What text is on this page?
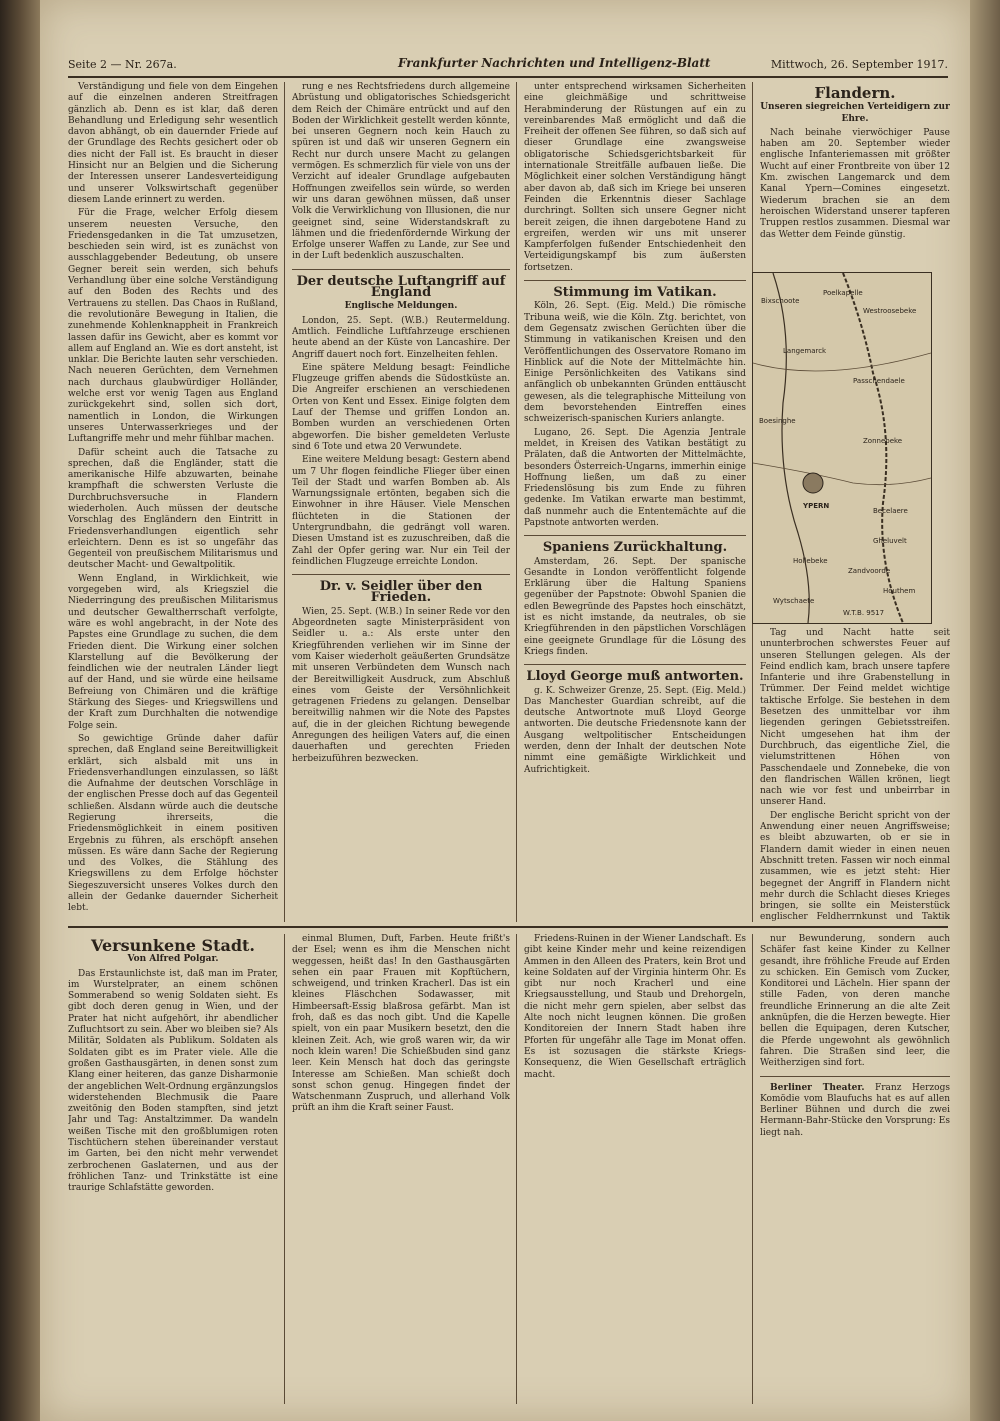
Seite 2 — Nr. 267a.	Frankfurter Nachrichten und Intelligenz-Blatt	Mittwoch, 26. September 1917.

Verständigung und fiele von dem Eingehen auf die einzelnen anderen Streitfragen gänzlich ab. Denn es ist klar, daß deren Behandlung und Erledigung sehr wesentlich davon abhängt, ob ein dauernder Friede auf der Grundlage des Rechts gesichert oder ob dies nicht der Fall ist. Es braucht in dieser Hinsicht nur an Belgien und die Sicherung der Interessen unserer Landesverteidigung und unserer Volkswirtschaft gegenüber diesem Lande erinnert zu werden.

Für die Frage, welcher Erfolg diesem unserem neuesten Versuche, den Friedensgedanken in die Tat umzusetzen, beschieden sein wird, ist es zunächst von ausschlaggebender Bedeutung, ob unsere Gegner bereit sein werden, sich behufs Verhandlung über eine solche Verständigung auf den Boden des Rechts und des Vertrauens zu stellen. Das Chaos in Rußland, die revolutionäre Bewegung in Italien, die zunehmende Kohlenknappheit in Frankreich lassen dafür ins Gewicht, aber es kommt vor allem auf England an. Wie es dort ansteht, ist unklar. Die Berichte lauten sehr verschieden. Nach neueren Gerüchten, dem Vernehmen nach durchaus glaubwürdiger Holländer, welche erst vor wenig Tagen aus England zurückgekehrt sind, sollen sich dort, namentlich in London, die Wirkungen unseres Unterwasserkrieges und der Luftangriffe mehr und mehr fühlbar machen.

Dafür scheint auch die Tatsache zu sprechen, daß die Engländer, statt die amerikanische Hilfe abzuwarten, beinahe krampfhaft die schwersten Verluste die Durchbruchsversuche in Flandern wiederholen. Auch müssen der deutsche Vorschlag des Engländern den Eintritt in Friedensverhandlungen eigentlich sehr erleichtern. Denn es ist so ungefähr das Gegenteil von preußischem Militarismus und deutscher Macht- und Gewaltpolitik.

Wenn England, in Wirklichkeit, wie vorgegeben wird, als Kriegsziel die Niederringung des preußischen Militarismus und deutscher Gewaltherrschaft verfolgte, wäre es wohl angebracht, in der Note des Papstes eine Grundlage zu suchen, die dem Frieden dient. Die Wirkung einer solchen Klarstellung auf die Bevölkerung der feindlichen wie der neutralen Länder liegt auf der Hand, und sie würde eine heilsame Befreiung von Chimären und die kräftige Stärkung des Sieges- und Kriegswillens und der Kraft zum Durchhalten die notwendige Folge sein.

So gewichtige Gründe daher dafür sprechen, daß England seine Bereitwilligkeit erklärt, sich alsbald mit uns in Friedensverhandlungen einzulassen, so läßt die Aufnahme der deutschen Vorschläge in der englischen Presse doch auf das Gegenteil schließen. Alsdann würde auch die deutsche Regierung ihrerseits, die Friedensmöglichkeit in einem positiven Ergebnis zu führen, als erschöpft ansehen müssen. Es wäre dann Sache der Regierung und des Volkes, die Stählung des Kriegswillens zu dem Erfolge höchster Siegeszuversicht unseres Volkes durch den allein der Gedanke dauernder Sicherheit lebt.

rung e nes Rechtsfriedens durch allgemeine Abrüstung und obligatorisches Schiedsgericht dem Reich der Chimäre entrückt und auf den Boden der Wirklichkeit gestellt werden könnte, bei unseren Gegnern noch kein Hauch zu spüren ist und daß wir unseren Gegnern ein Recht nur durch unsere Macht zu gelangen vermögen. Es schmerzlich für viele von uns der Verzicht auf idealer Grundlage aufgebauten Hoffnungen zweifellos sein würde, so werden wir uns daran gewöhnen müssen, daß unser Volk die Verwirklichung von Illusionen, die nur geeignet sind, seine Widerstandskraft zu lähmen und die friedenfördernde Wirkung der Erfolge unserer Waffen zu Lande, zur See und in der Luft bedenklich auszuschalten.

Der deutsche Luftangriff auf England
Englische Meldungen.

London, 25. Sept. (W.B.) Reutermeldung. Amtlich. Feindliche Luftfahrzeuge erschienen heute abend an der Küste von Lancashire. Der Angriff dauert noch fort. Einzelheiten fehlen.

Eine spätere Meldung besagt: Feindliche Flugzeuge griffen abends die Südostküste an. Die Angreifer erschienen an verschiedenen Orten von Kent und Essex. Einige folgten dem Lauf der Themse und griffen London an. Bomben wurden an verschiedenen Orten abgeworfen. Die bisher gemeldeten Verluste sind 6 Tote und etwa 20 Verwundete.

Eine weitere Meldung besagt: Gestern abend um 7 Uhr flogen feindliche Flieger über einen Teil der Stadt und warfen Bomben ab. Als Warnungssignale ertönten, begaben sich die Einwohner in ihre Häuser. Viele Menschen flüchteten in die Stationen der Untergrundbahn, die gedrängt voll waren. Diesen Umstand ist es zuzuschreiben, daß die Zahl der Opfer gering war. Nur ein Teil der feindlichen Flugzeuge erreichte London.

Dr. v. Seidler über den Frieden.

Wien, 25. Sept. (W.B.) In seiner Rede vor den Abgeordneten sagte Ministerpräsident von Seidler u. a.: Als erste unter den Kriegführenden verliehen wir im Sinne der vom Kaiser wiederholt geäußerten Grundsätze mit unseren Verbündeten dem Wunsch nach der Bereitwilligkeit Ausdruck, zum Abschluß eines vom Geiste der Versöhnlichkeit getragenen Friedens zu gelangen. Denselbar bereitwillig nahmen wir die Note des Papstes auf, die in der gleichen Richtung bewegende Anregungen des heiligen Vaters auf, die einen dauerhaften und gerechten Frieden herbeizuführen bezwecken.

unter entsprechend wirksamen Sicherheiten eine gleichmäßige und schrittweise Herabminderung der Rüstungen auf ein zu vereinbarendes Maß ermöglicht und daß die Freiheit der offenen See führen, so daß sich auf dieser Grundlage eine zwangsweise obligatorische Schiedsgerichtsbarkeit für internationale Streitfälle aufbauen ließe. Die Möglichkeit einer solchen Verständigung hängt aber davon ab, daß sich im Kriege bei unseren Feinden die Erkenntnis dieser Sachlage durchringt. Sollten sich unsere Gegner nicht bereit zeigen, die ihnen dargebotene Hand zu ergreifen, werden wir uns mit unserer Kampferfolgen fußender Entschiedenheit den Verteidigungskampf bis zum äußersten fortsetzen.

Stimmung im Vatikan.

Köln, 26. Sept. (Eig. Meld.) Die römische Tribuna weiß, wie die Köln. Ztg. berichtet, von dem Gegensatz zwischen Gerüchten über die Stimmung in vatikanischen Kreisen und den Veröffentlichungen des Osservatore Romano im Hinblick auf die Note der Mittelmächte hin. Einige Persönlichkeiten des Vatikans sind anfänglich ob unbekannten Gründen enttäuscht gewesen, als die telegraphische Mitteilung von dem bevorstehenden Eintreffen eines schweizerisch-spanischen Kuriers anlangte.

Lugano, 26. Sept. Die Agenzia Jentrale meldet, in Kreisen des Vatikan bestätigt zu Prälaten, daß die Antworten der Mittelmächte, besonders Österreich-Ungarns, immerhin einige Hoffnung ließen, um daß zu einer Friedenslösung bis zum Ende zu führen gedenke. Im Vatikan erwarte man bestimmt, daß nunmehr auch die Ententemächte auf die Papstnote antworten werden.

Spaniens Zurückhaltung.

Amsterdam, 26. Sept. Der spanische Gesandte in London veröffentlicht folgende Erklärung über die Haltung Spaniens gegenüber der Papstnote: Obwohl Spanien die edlen Bewegründe des Papstes hoch einschätzt, ist es nicht imstande, da neutrales, ob sie Kriegführenden in den päpstlichen Vorschlägen eine geeignete Grundlage für die Lösung des Kriegs finden.

Lloyd George muß antworten.

g. K. Schweizer Grenze, 25. Sept. (Eig. Meld.) Das Manchester Guardian schreibt, auf die deutsche Antwortnote muß Lloyd George antworten. Die deutsche Friedensnote kann der Ausgang weltpolitischer Entscheidungen werden, denn der Inhalt der deutschen Note nimmt eine gemäßigte Wirklichkeit und Aufrichtigkeit.

Flandern.
Unseren siegreichen Verteidigern zur Ehre.

Nach beinahe vierwöchiger Pause haben am 20. September wieder englische Infanteriemassen mit größter Wucht auf einer Frontbreite von über 12 Km. zwischen Langemarck und dem Kanal Ypern—Comines eingesetzt. Wiederum brachen sie an dem heroischen Widerstand unserer tapferen Truppen restlos zusammen. Diesmal war das Wetter dem Feinde günstig.

Tag und Nacht hatte seit ununterbrochen schwerstes Feuer auf unseren Stellungen gelegen. Als der Feind endlich kam, brach unsere tapfere Infanterie und ihre Grabenstellung in Trümmer. Der Feind meldet wichtige taktische Erfolge. Sie bestehen in dem Besetzen des unmittelbar vor ihm liegenden geringen Gebietsstreifen. Nicht umgesehen hat ihm der Durchbruch, das eigentliche Ziel, die vielumstrittenen Höhen von Passchendaele und Zonnebeke, die von den flandrischen Wällen krönen, liegt nach wie vor fest und unbeirrbar in unserer Hand.

Der englische Bericht spricht von der Anwendung einer neuen Angriffsweise; es bleibt abzuwarten, ob er sie in Flandern damit wieder in einen neuen Abschnitt treten. Fassen wir noch einmal zusammen, wie es jetzt steht: Hier begegnet der Angriff in Flandern nicht mehr durch die Schlacht dieses Krieges bringen, sie sollte ein Meisterstück englischer Feldherrnkunst und Taktik

Versunkene Stadt.
Von Alfred Polgar.

Das Erstaunlichste ist, daß man im Prater, im Wurstelprater, an einem schönen Sommerabend so wenig Soldaten sieht. Es gibt doch deren genug in Wien, und der Prater hat nicht aufgehört, ihr abendlicher Zufluchtsort zu sein. Aber wo bleiben sie? Als Militär, Soldaten als Publikum. Soldaten als Soldaten gibt es im Prater viele. Alle die großen Gasthausgärten, in denen sonst zum Klang einer heiteren, das ganze Disharmonie der angeblichen Welt-Ordnung ergänzungslos widerstehenden Blechmusik die Paare zweitönig den Boden stampften, sind jetzt Jahr und Tag: Anstaltzimmer. Da wandeln weißen Tische mit den großblumigen roten Tischtüchern stehen übereinander verstaut im Garten, bei den nicht mehr verwendet zerbrochenen Gaslaternen, und aus der fröhlichen Tanz- und Trinkstätte ist eine traurige Schlafstätte geworden.

einmal Blumen, Duft, Farben. Heute frißt's der Esel; wenn es ihm die Menschen nicht weggessen, heißt das! In den Gasthausgärten sehen ein paar Frauen mit Kopftüchern, schweigend, und trinken Kracherl. Das ist ein kleines Fläschchen Sodawasser, mit Himbeersaft-Essig blaßrosa gefärbt. Man ist froh, daß es das noch gibt. Und die Kapelle spielt, von ein paar Musikern besetzt, den die kleinen Zeit. Ach, wie groß waren wir, da wir noch klein waren! Die Schießbuden sind ganz leer. Kein Mensch hat doch das geringste Interesse am Schießen. Man schießt doch sonst schon genug. Hingegen findet der Watschenmann Zuspruch, und allerhand Volk prüft an ihm die Kraft seiner Faust.

Friedens-Ruinen in der Wiener Landschaft. Es gibt keine Kinder mehr und keine reizendigen Ammen in den Alleen des Praters, kein Brot und keine Soldaten auf der Virginia hinterm Ohr. Es gibt nur noch Kracherl und eine Kriegsausstellung, und Staub und Drehorgeln, die nicht mehr gern spielen, aber selbst das Alte noch nicht leugnen können. Die großen Konditoreien der Innern Stadt haben ihre Pforten für ungefähr alle Tage im Monat offen. Es ist sozusagen die stärkste Kriegs-Konsequenz, die Wien Gesellschaft erträglich macht.

nur Bewunderung, sondern auch Schäfer fast keine Kinder zu Kellner gesandt, ihre fröhliche Freude auf Erden zu schicken. Ein Gemisch vom Zucker, Konditorei und Lächeln. Hier spann der stille Faden, von deren manche freundliche Erinnerung an die alte Zeit anknüpfen, die die Herzen bewegte. Hier bellen die Equipagen, deren Kutscher, die Pferde ungewohnt als gewöhnlich fahren. Die Straßen sind leer, die Weitherzigen sind fort.

Berliner Theater. Franz Herzogs Komödie vom Blaufuchs hat es auf allen Berliner Bühnen und durch die zwei Hermann-Bahr-Stücke den Vorsprung: Es liegt nah.

Bixschoote
Poelkapelle
Westroosebeke
Langemarck
Passchendaele
Boesinghe
Zonnebeke
YPERN
Becelaere
Gheluvelt
Zandvoorde
Hollebeke
Wytschaete
Houthem
W.T.B. 9517
